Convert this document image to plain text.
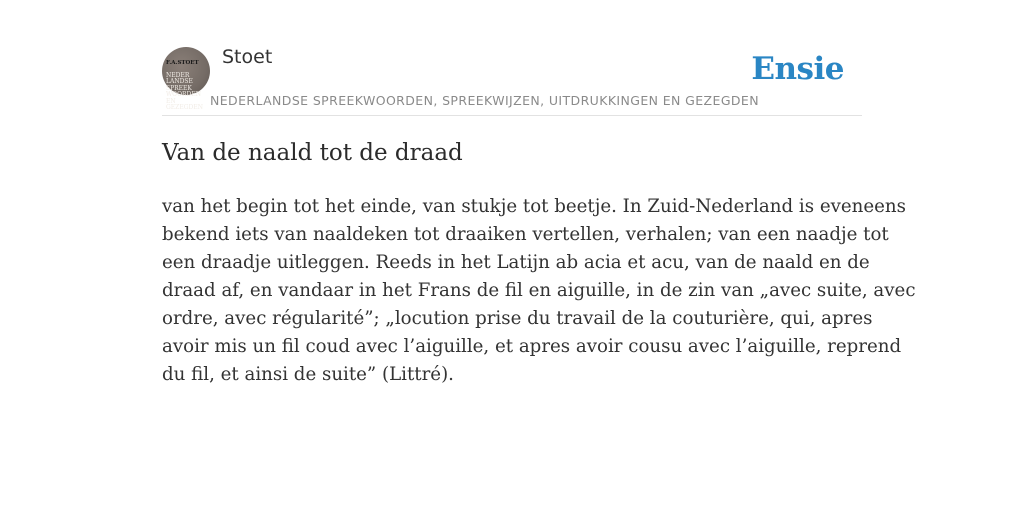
F.A.STOET

NEDER
LANDSE
SPREEK
WOORDEN EN
GEZEGDEN

Stoet
NEDERLANDSE SPREEKWOORDEN, SPREEKWIJZEN, UITDRUKKINGEN EN GEZEGDEN
Ensie
Van de naald tot de draad
van het begin tot het einde, van stukje tot beetje. In Zuid-Nederland is eveneens
bekend iets van naaldeken tot draaiken vertellen, verhalen; van een naadje tot
een draadje uitleggen. Reeds in het Latijn ab acia et acu, van de naald en de
draad af, en vandaar in het Frans de fil en aiguille, in de zin van „avec suite, avec
ordre, avec régularité”; „locution prise du travail de la couturière, qui, apres
avoir mis un fil coud avec l’aiguille, et apres avoir cousu avec l’aiguille, reprend
du fil, et ainsi de suite” (Littré).
